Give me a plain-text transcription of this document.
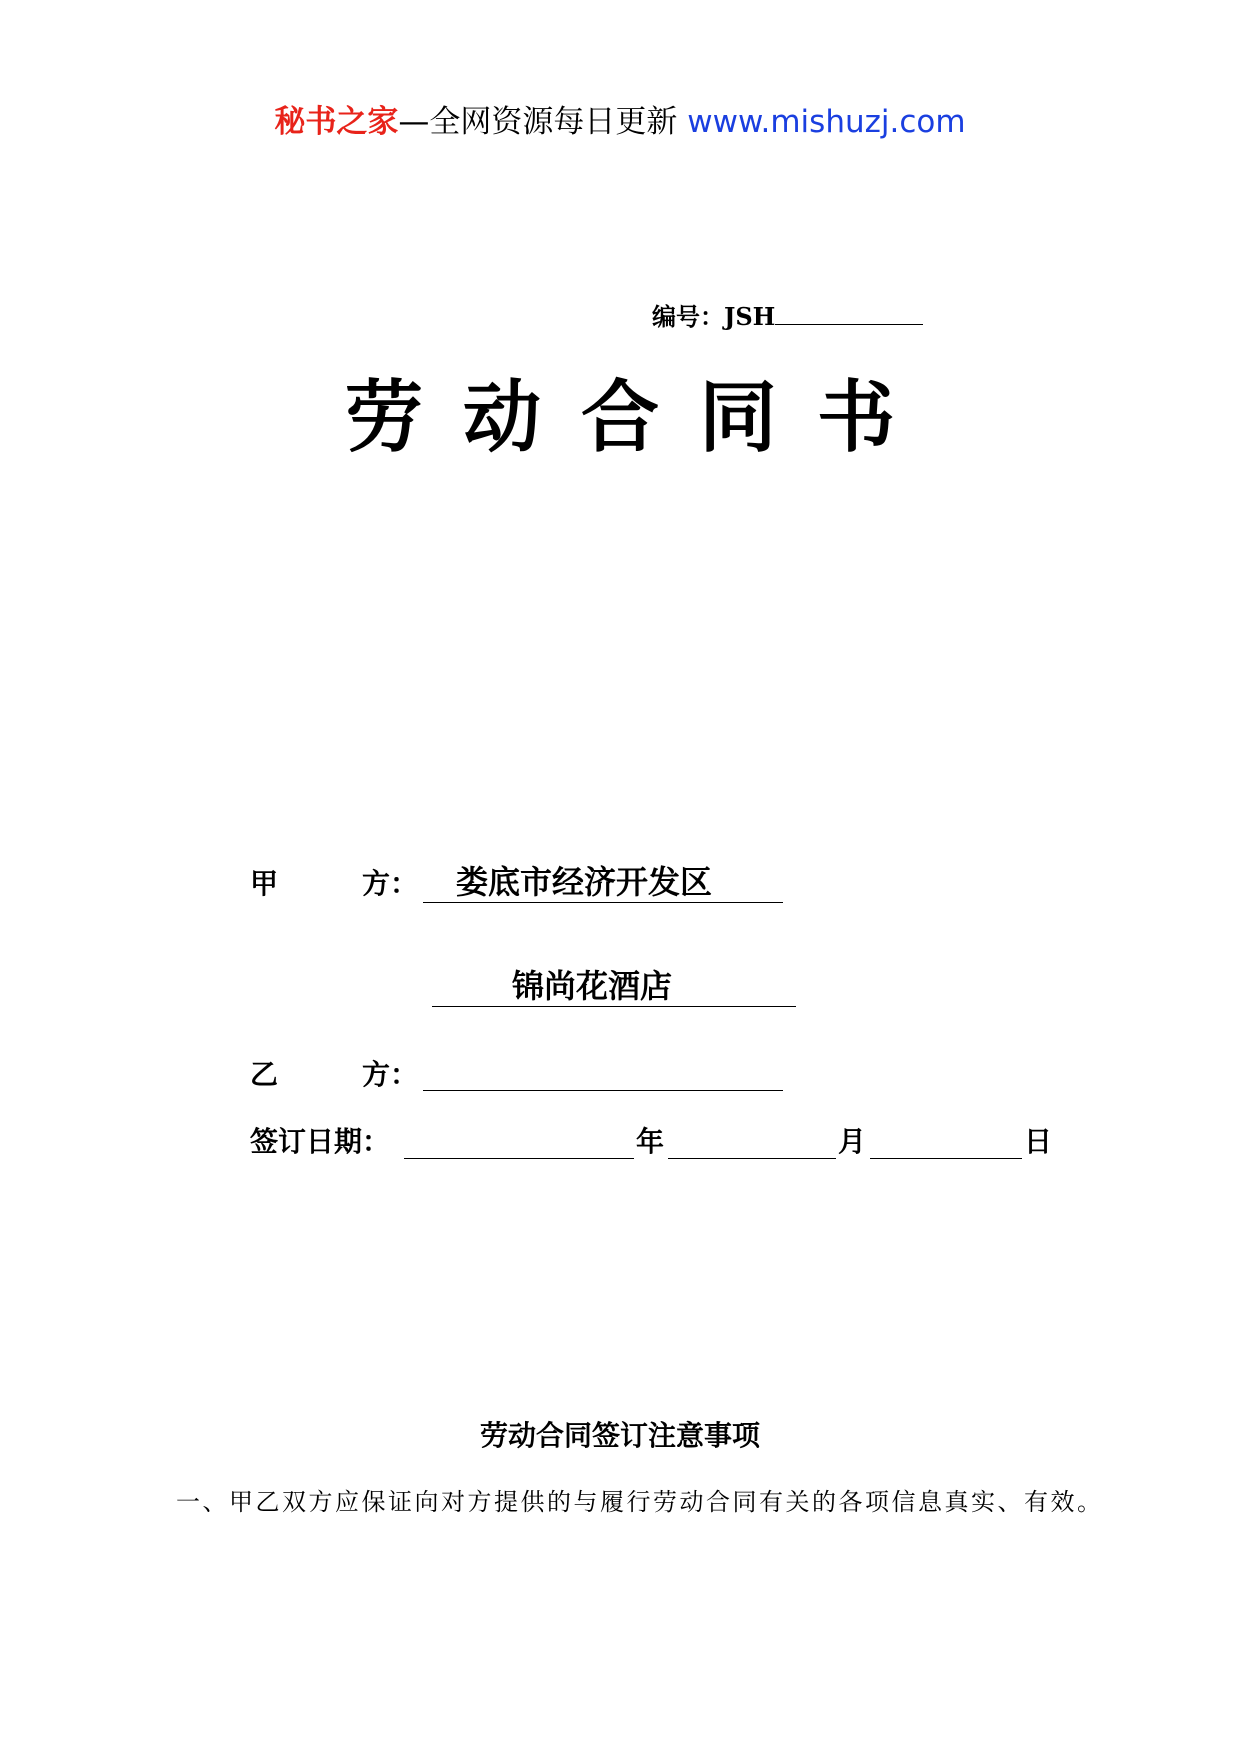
秘书之家—全网资源每日更新 www.mishuzj.com
编号：JSH
劳动合同书
甲	方： 娄底市经济开发区
锦尚花酒店
乙	方：
签订日期：	年	月	日
劳动合同签订注意事项
一、甲乙双方应保证向对方提供的与履行劳动合同有关的各项信息真实、有效。
